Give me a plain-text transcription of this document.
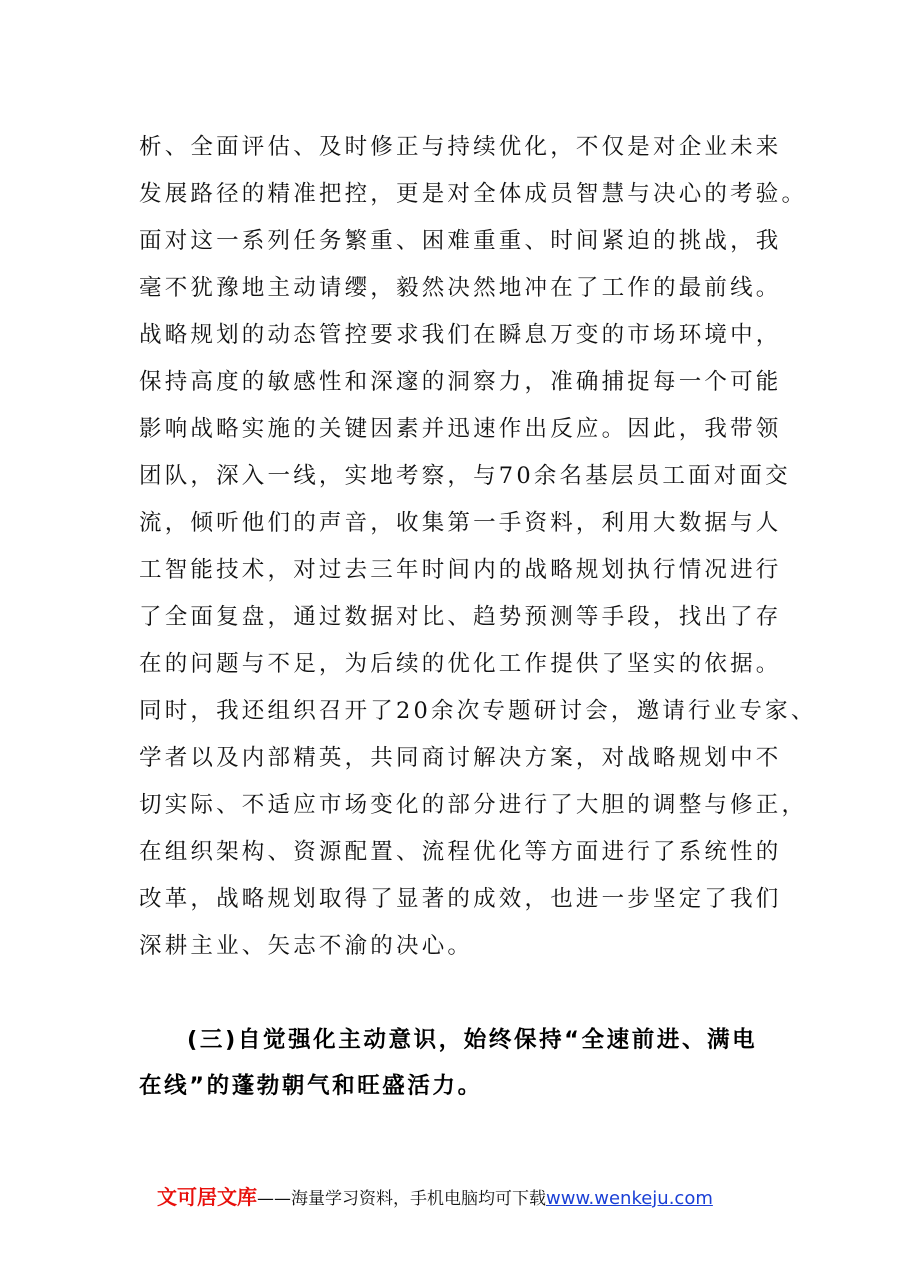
析、全面评估、及时修正与持续优化，不仅是对企业未来
发展路径的精准把控，更是对全体成员智慧与决心的考验。
面对这一系列任务繁重、困难重重、时间紧迫的挑战，我
毫不犹豫地主动请缨，毅然决然地冲在了工作的最前线。
战略规划的动态管控要求我们在瞬息万变的市场环境中，
保持高度的敏感性和深邃的洞察力，准确捕捉每一个可能
影响战略实施的关键因素并迅速作出反应。因此，我带领
团队，深入一线，实地考察，与70余名基层员工面对面交
流，倾听他们的声音，收集第一手资料，利用大数据与人
工智能技术，对过去三年时间内的战略规划执行情况进行
了全面复盘，通过数据对比、趋势预测等手段，找出了存
在的问题与不足，为后续的优化工作提供了坚实的依据。
同时，我还组织召开了20余次专题研讨会，邀请行业专家、
学者以及内部精英，共同商讨解决方案，对战略规划中不
切实际、不适应市场变化的部分进行了大胆的调整与修正，
在组织架构、资源配置、流程优化等方面进行了系统性的
改革，战略规划取得了显著的成效，也进一步坚定了我们
深耕主业、矢志不渝的决心。
(三)自觉强化主动意识，始终保持“全速前进、满电
在线”的蓬勃朝气和旺盛活力。
文可居文库——海量学习资料，手机电脑均可下载www.wenkeju.com
